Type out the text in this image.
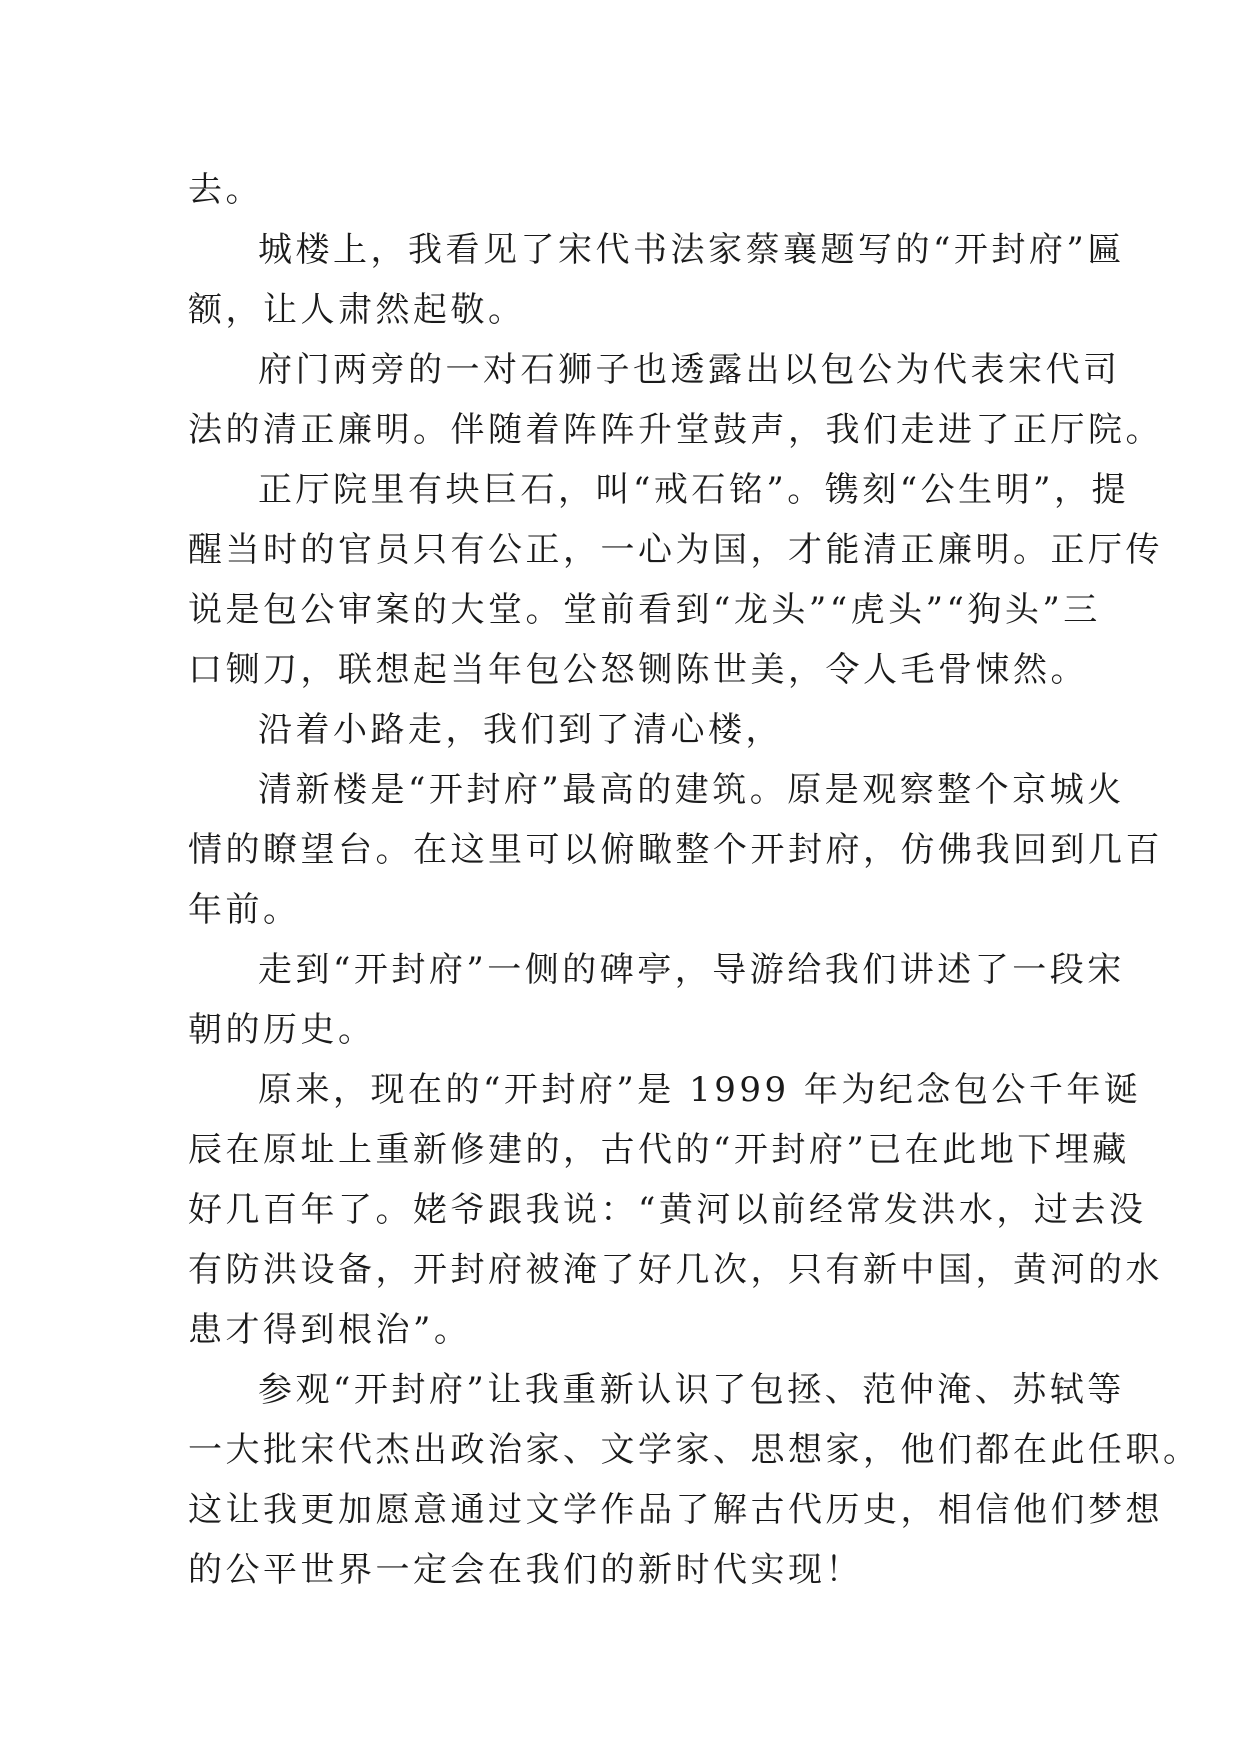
去。

城楼上，我看见了宋代书法家蔡襄题写的“开封府”匾

额，让人肃然起敬。

府门两旁的一对石狮子也透露出以包公为代表宋代司

法的清正廉明。伴随着阵阵升堂鼓声，我们走进了正厅院。

正厅院里有块巨石，叫“戒石铭”。镌刻“公生明”，提

醒当时的官员只有公正，一心为国，才能清正廉明。正厅传

说是包公审案的大堂。堂前看到“龙头”“虎头”“狗头”三

口铡刀，联想起当年包公怒铡陈世美，令人毛骨悚然。

沿着小路走，我们到了清心楼，

清新楼是“开封府”最高的建筑。原是观察整个京城火

情的瞭望台。在这里可以俯瞰整个开封府，仿佛我回到几百

年前。

走到“开封府”一侧的碑亭，导游给我们讲述了一段宋

朝的历史。

原来，现在的“开封府”是 1999 年为纪念包公千年诞

辰在原址上重新修建的，古代的“开封府”已在此地下埋藏

好几百年了。姥爷跟我说：“黄河以前经常发洪水，过去没

有防洪设备，开封府被淹了好几次，只有新中国，黄河的水

患才得到根治”。

参观“开封府”让我重新认识了包拯、范仲淹、苏轼等

一大批宋代杰出政治家、文学家、思想家，他们都在此任职。

这让我更加愿意通过文学作品了解古代历史，相信他们梦想

的公平世界一定会在我们的新时代实现！
